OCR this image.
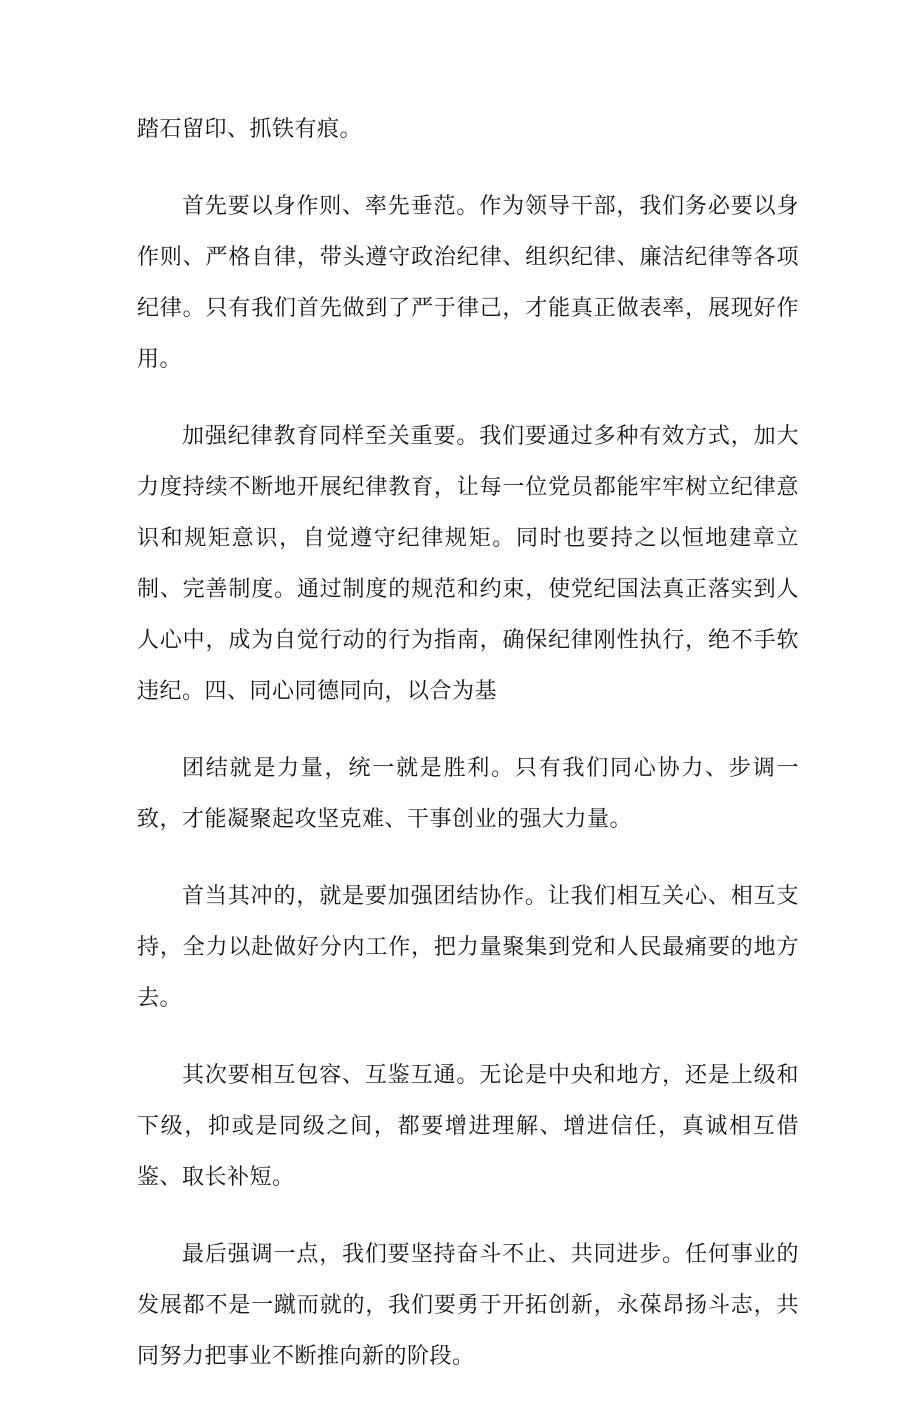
踏石留印、抓铁有痕。

首先要以身作则、率先垂范。作为领导干部，我们务必要以身作则、严格自律，带头遵守政治纪律、组织纪律、廉洁纪律等各项纪律。只有我们首先做到了严于律己，才能真正做表率，展现好作用。

加强纪律教育同样至关重要。我们要通过多种有效方式，加大力度持续不断地开展纪律教育，让每一位党员都能牢牢树立纪律意识和规矩意识，自觉遵守纪律规矩。同时也要持之以恒地建章立制、完善制度。通过制度的规范和约束，使党纪国法真正落实到人人心中，成为自觉行动的行为指南，确保纪律刚性执行，绝不手软违纪。四、同心同德同向，以合为基

团结就是力量，统一就是胜利。只有我们同心协力、步调一致，才能凝聚起攻坚克难、干事创业的强大力量。

首当其冲的，就是要加强团结协作。让我们相互关心、相互支持，全力以赴做好分内工作，把力量聚集到党和人民最痛要的地方去。

其次要相互包容、互鉴互通。无论是中央和地方，还是上级和下级，抑或是同级之间，都要增进理解、增进信任，真诚相互借鉴、取长补短。

最后强调一点，我们要坚持奋斗不止、共同进步。任何事业的发展都不是一蹴而就的，我们要勇于开拓创新，永葆昂扬斗志，共同努力把事业不断推向新的阶段。
